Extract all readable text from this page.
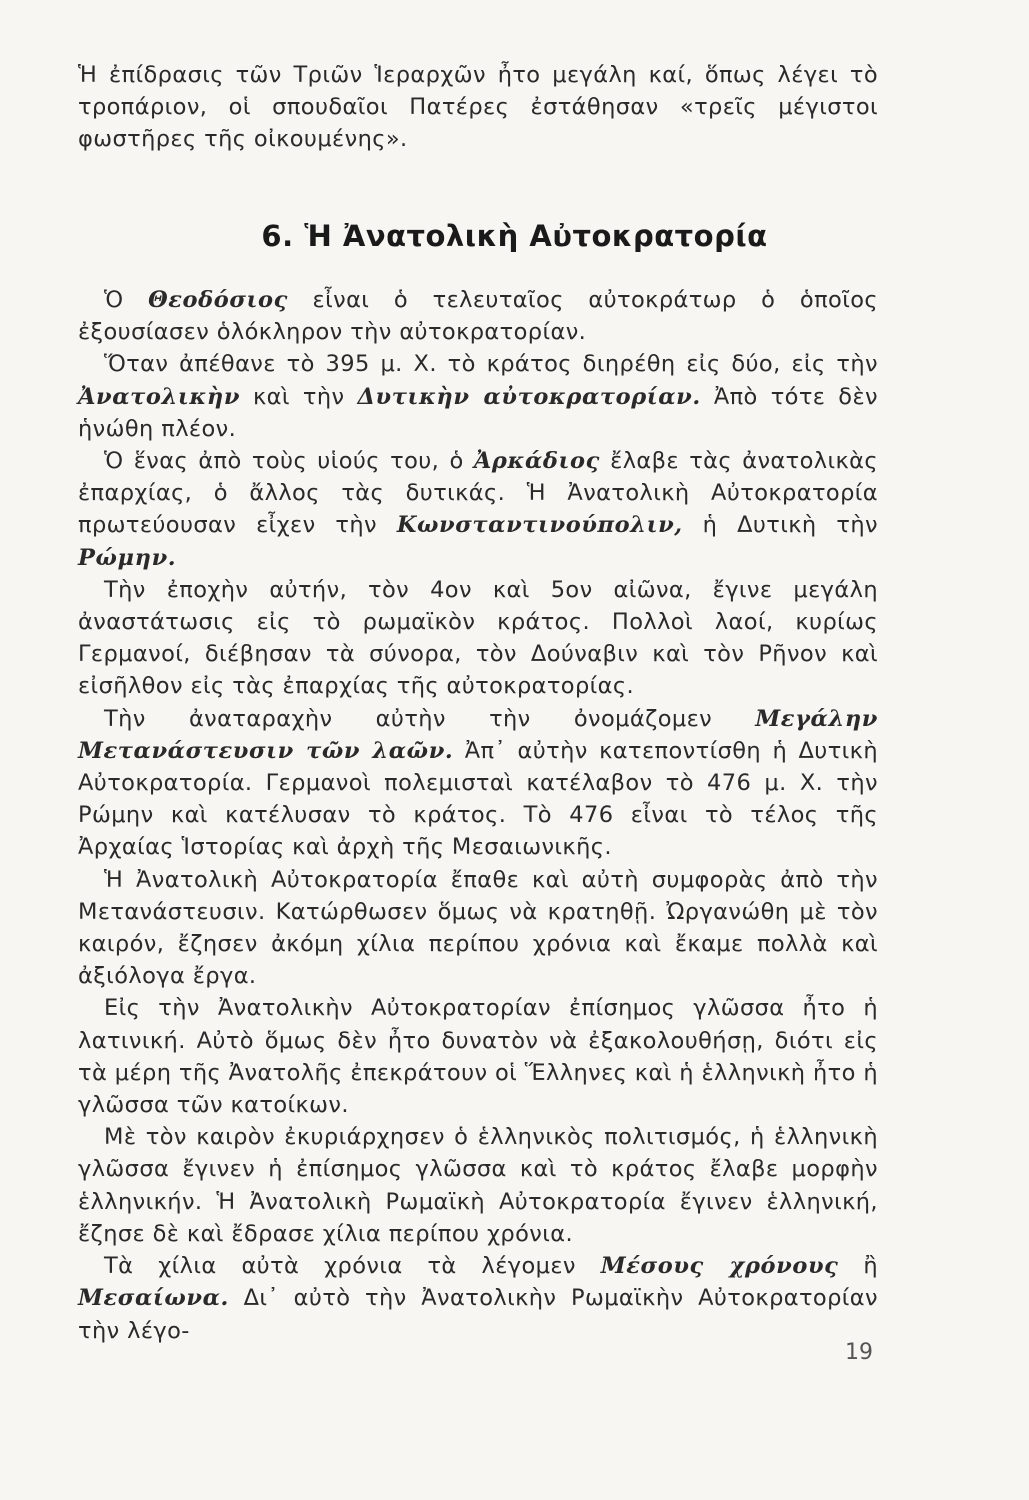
Ἡ ἐπίδρασις τῶν Τριῶν Ἱεραρχῶν ἦτο μεγάλη καί, ὅπως λέγει τὸ τροπάριον, οἱ σπουδαῖοι Πατέρες ἐστάθησαν «τρεῖς μέγιστοι φωστῆρες τῆς οἰκουμένης».

6. Ἡ Ἀνατολικὴ Αὐτοκρατορία

Ὁ Θεοδόσιος εἶναι ὁ τελευταῖος αὐτοκράτωρ ὁ ὁποῖος ἐξουσίασεν ὁλόκληρον τὴν αὐτοκρατορίαν.

Ὅταν ἀπέθανε τὸ 395 μ. Χ. τὸ κράτος διηρέθη εἰς δύο, εἰς τὴν Ἀνατολικὴν καὶ τὴν Δυτικὴν αὐτοκρατορίαν. Ἀπὸ τότε δὲν ἡνώθη πλέον.

Ὁ ἕνας ἀπὸ τοὺς υἱούς του, ὁ Ἀρκάδιος ἔλαβε τὰς ἀνατολικὰς ἐπαρχίας, ὁ ἄλλος τὰς δυτικάς. Ἡ Ἀνατολικὴ Αὐτοκρατορία πρωτεύουσαν εἶχεν τὴν Κωνσταντινούπολιν, ἡ Δυτικὴ τὴν Ρώμην.

Τὴν ἐποχὴν αὐτήν, τὸν 4ον καὶ 5ον αἰῶνα, ἔγινε μεγάλη ἀναστάτωσις εἰς τὸ ρωμαϊκὸν κράτος. Πολλοὶ λαοί, κυρίως Γερμανοί, διέβησαν τὰ σύνορα, τὸν Δούναβιν καὶ τὸν Ρῆνον καὶ εἰσῆλθον εἰς τὰς ἐπαρχίας τῆς αὐτοκρατορίας.

Τὴν ἀναταραχὴν αὐτὴν τὴν ὀνομάζομεν Μεγάλην Μετανάστευσιν τῶν λαῶν. Ἀπ᾽ αὐτὴν κατεποντίσθη ἡ Δυτικὴ Αὐτοκρατορία. Γερμανοὶ πολεμισταὶ κατέλαβον τὸ 476 μ. Χ. τὴν Ρώμην καὶ κατέλυσαν τὸ κράτος. Τὸ 476 εἶναι τὸ τέλος τῆς Ἀρχαίας Ἱστορίας καὶ ἀρχὴ τῆς Μεσαιωνικῆς.

Ἡ Ἀνατολικὴ Αὐτοκρατορία ἔπαθε καὶ αὐτὴ συμφορὰς ἀπὸ τὴν Μετανάστευσιν. Κατώρθωσεν ὅμως νὰ κρατηθῇ. Ὠργανώθη μὲ τὸν καιρόν, ἔζησεν ἀκόμη χίλια περίπου χρόνια καὶ ἔκαμε πολλὰ καὶ ἀξιόλογα ἔργα.

Εἰς τὴν Ἀνατολικὴν Αὐτοκρατορίαν ἐπίσημος γλῶσσα ἦτο ἡ λατινική. Αὐτὸ ὅμως δὲν ἦτο δυνατὸν νὰ ἐξακολουθήσῃ, διότι εἰς τὰ μέρη τῆς Ἀνατολῆς ἐπεκράτουν οἱ Ἕλληνες καὶ ἡ ἑλληνικὴ ἦτο ἡ γλῶσσα τῶν κατοίκων.

Μὲ τὸν καιρὸν ἐκυριάρχησεν ὁ ἑλληνικὸς πολιτισμός, ἡ ἑλληνικὴ γλῶσσα ἔγινεν ἡ ἐπίσημος γλῶσσα καὶ τὸ κράτος ἔλαβε μορφὴν ἑλληνικήν. Ἡ Ἀνατολικὴ Ρωμαϊκὴ Αὐτοκρατορία ἔγινεν ἑλληνική, ἔζησε δὲ καὶ ἔδρασε χίλια περίπου χρόνια.

Τὰ χίλια αὐτὰ χρόνια τὰ λέγομεν Μέσους χρόνους ἢ Μεσαίωνα. Δι᾽ αὐτὸ τὴν Ἀνατολικὴν Ρωμαϊκὴν Αὐτοκρατορίαν τὴν λέγο-

19
